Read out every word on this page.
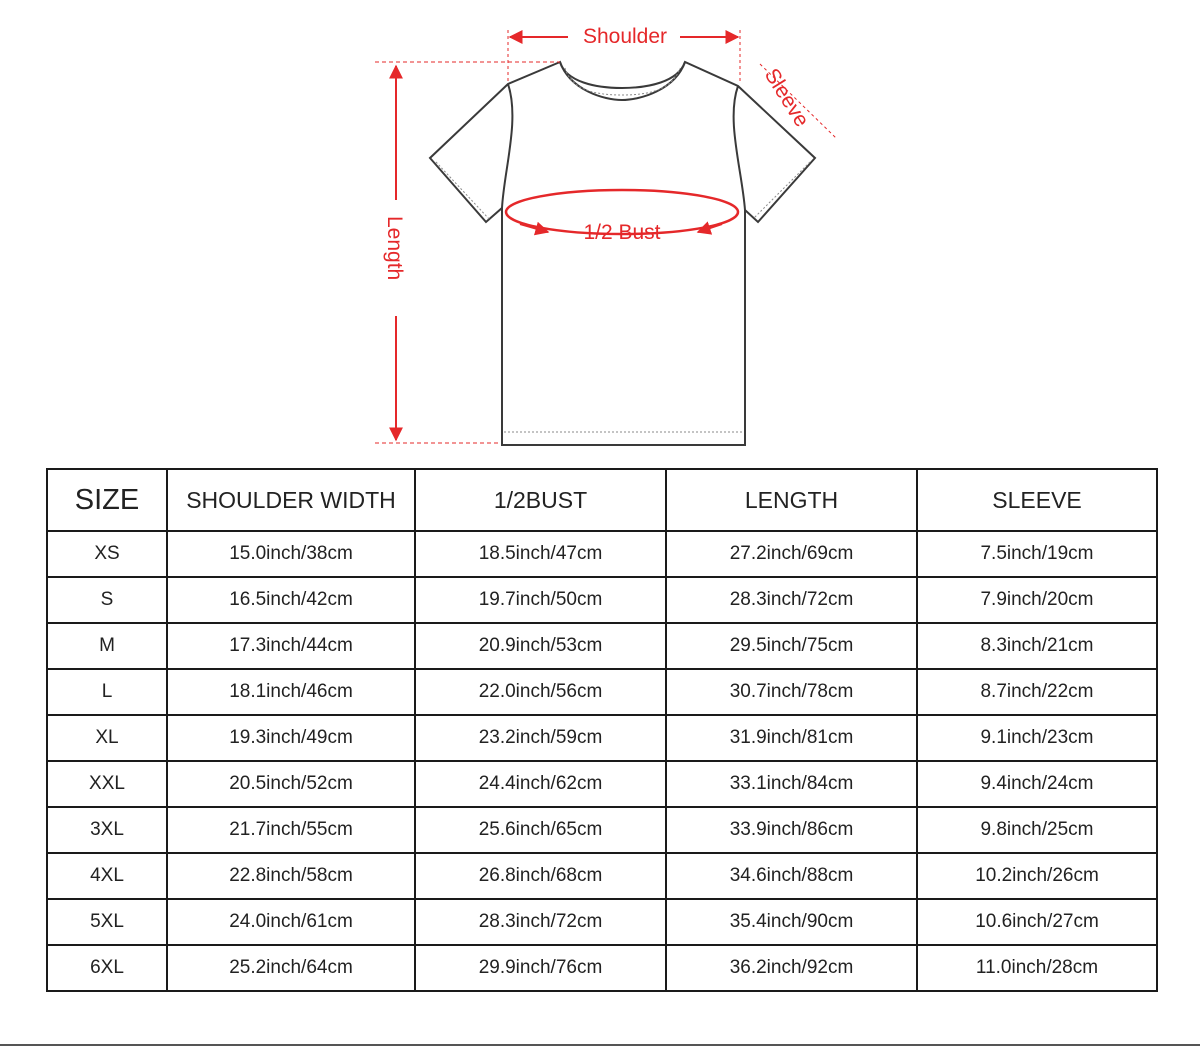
Shoulder
Sleeve
1/2 Bust
Length
SIZE	SHOULDER WIDTH	1/2BUST	LENGTH	SLEEVE
XS	15.0inch/38cm	18.5inch/47cm	27.2inch/69cm	7.5inch/19cm
S	16.5inch/42cm	19.7inch/50cm	28.3inch/72cm	7.9inch/20cm
M	17.3inch/44cm	20.9inch/53cm	29.5inch/75cm	8.3inch/21cm
L	18.1inch/46cm	22.0inch/56cm	30.7inch/78cm	8.7inch/22cm
XL	19.3inch/49cm	23.2inch/59cm	31.9inch/81cm	9.1inch/23cm
XXL	20.5inch/52cm	24.4inch/62cm	33.1inch/84cm	9.4inch/24cm
3XL	21.7inch/55cm	25.6inch/65cm	33.9inch/86cm	9.8inch/25cm
4XL	22.8inch/58cm	26.8inch/68cm	34.6inch/88cm	10.2inch/26cm
5XL	24.0inch/61cm	28.3inch/72cm	35.4inch/90cm	10.6inch/27cm
6XL	25.2inch/64cm	29.9inch/76cm	36.2inch/92cm	11.0inch/28cm
